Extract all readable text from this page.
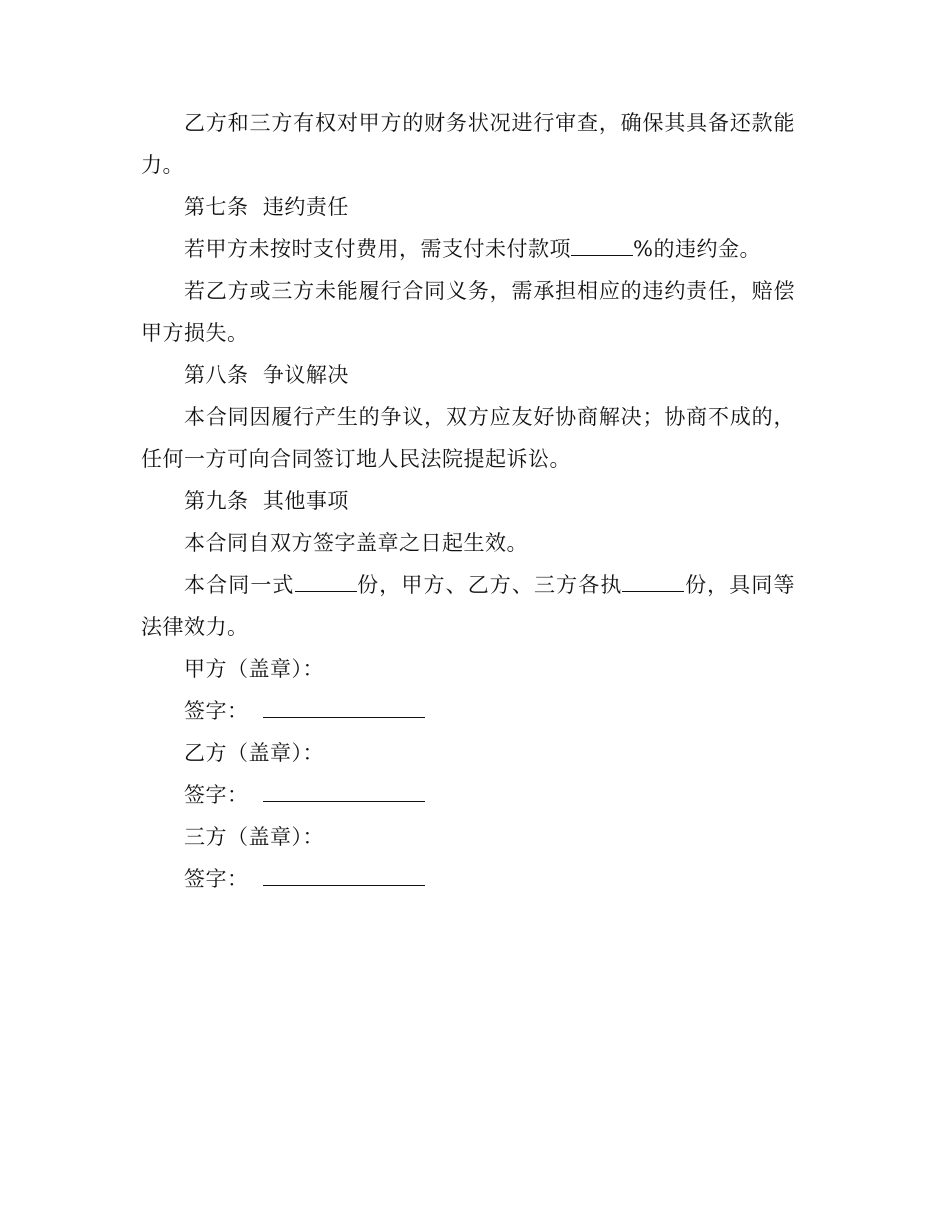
乙方和三方有权对甲方的财务状况进行审查，确保其具备还款能力。

第七条  违约责任

若甲方未按时支付费用，需支付未付款项	%的违约金。

若乙方或三方未能履行合同义务，需承担相应的违约责任，赔偿甲方损失。

第八条  争议解决

本合同因履行产生的争议，双方应友好协商解决；协商不成的，任何一方可向合同签订地人民法院提起诉讼。

第九条  其他事项

本合同自双方签字盖章之日起生效。

本合同一式	份，甲方、乙方、三方各执	份，具同等法律效力。

甲方（盖章）：

签字：

乙方（盖章）：

签字：

三方（盖章）：

签字：
